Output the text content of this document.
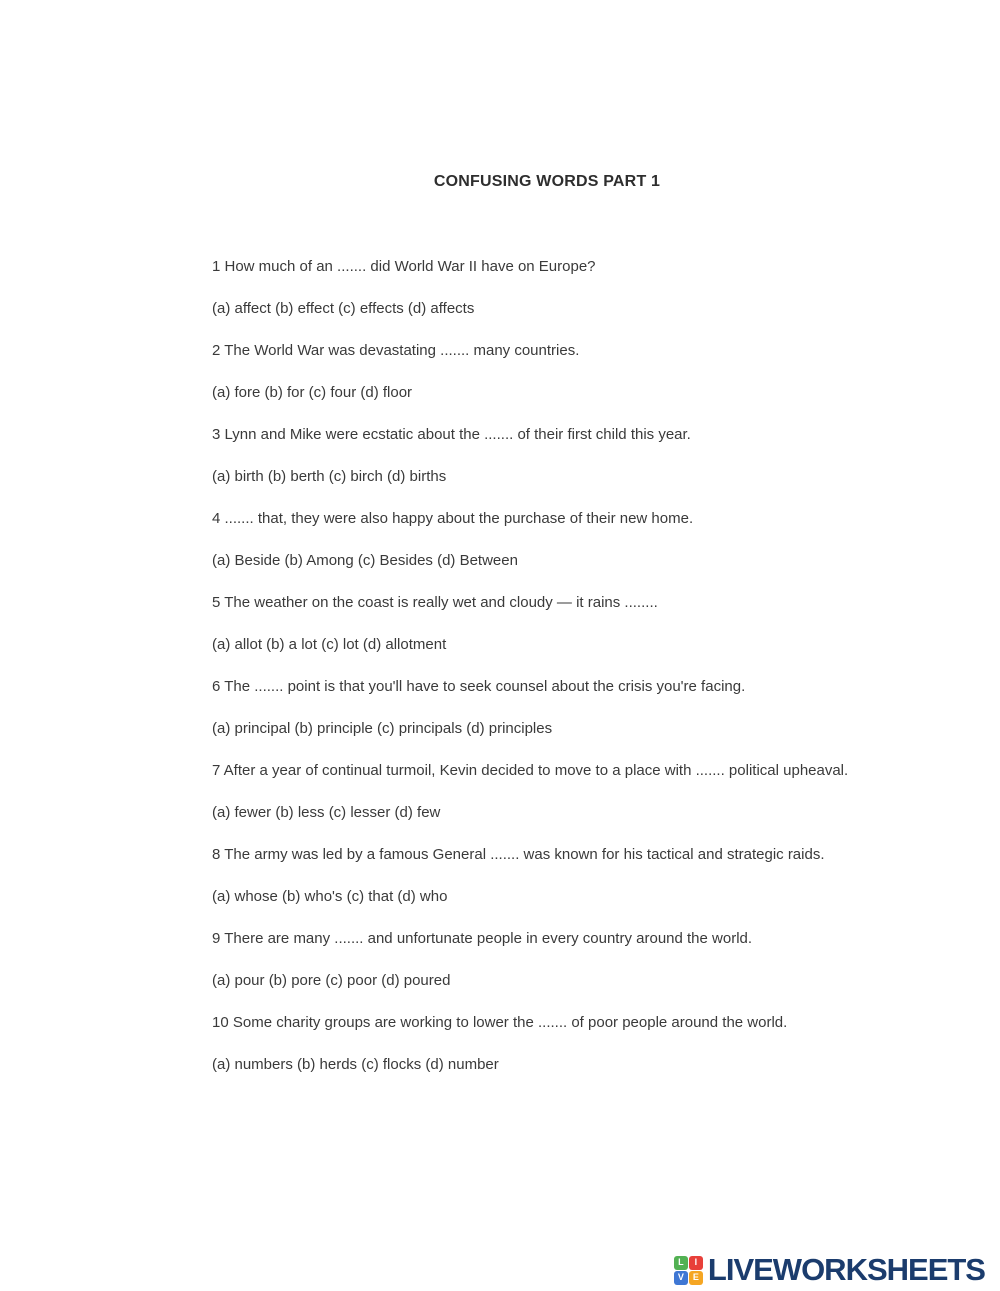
CONFUSING WORDS PART 1

1 How much of an ....... did World War II have on Europe?

(a) affect (b) effect (c) effects (d) affects

2 The World War was devastating ....... many countries.

(a) fore (b) for (c) four (d) floor

3 Lynn and Mike were ecstatic about the ....... of their first child this year.

(a) birth (b) berth (c) birch (d) births

4 ....... that, they were also happy about the purchase of their new home.

(a) Beside (b) Among (c) Besides (d) Between

5 The weather on the coast is really wet and cloudy — it rains ........

(a) allot (b) a lot (c) lot (d) allotment

6 The ....... point is that you'll have to seek counsel about the crisis you're facing.

(a) principal (b) principle (c) principals (d) principles

7 After a year of continual turmoil, Kevin decided to move to a place with ....... political upheaval.

(a) fewer (b) less (c) lesser (d) few

8 The army was led by a famous General ....... was known for his tactical and strategic raids.

(a) whose (b) who's (c) that (d) who

9 There are many ....... and unfortunate people in every country around the world.

(a) pour (b) pore (c) poor (d) poured

10 Some charity groups are working to lower the ....... of poor people around the world.

(a) numbers (b) herds (c) flocks (d) number

L	I
V E LIVEWORKSHEETS
